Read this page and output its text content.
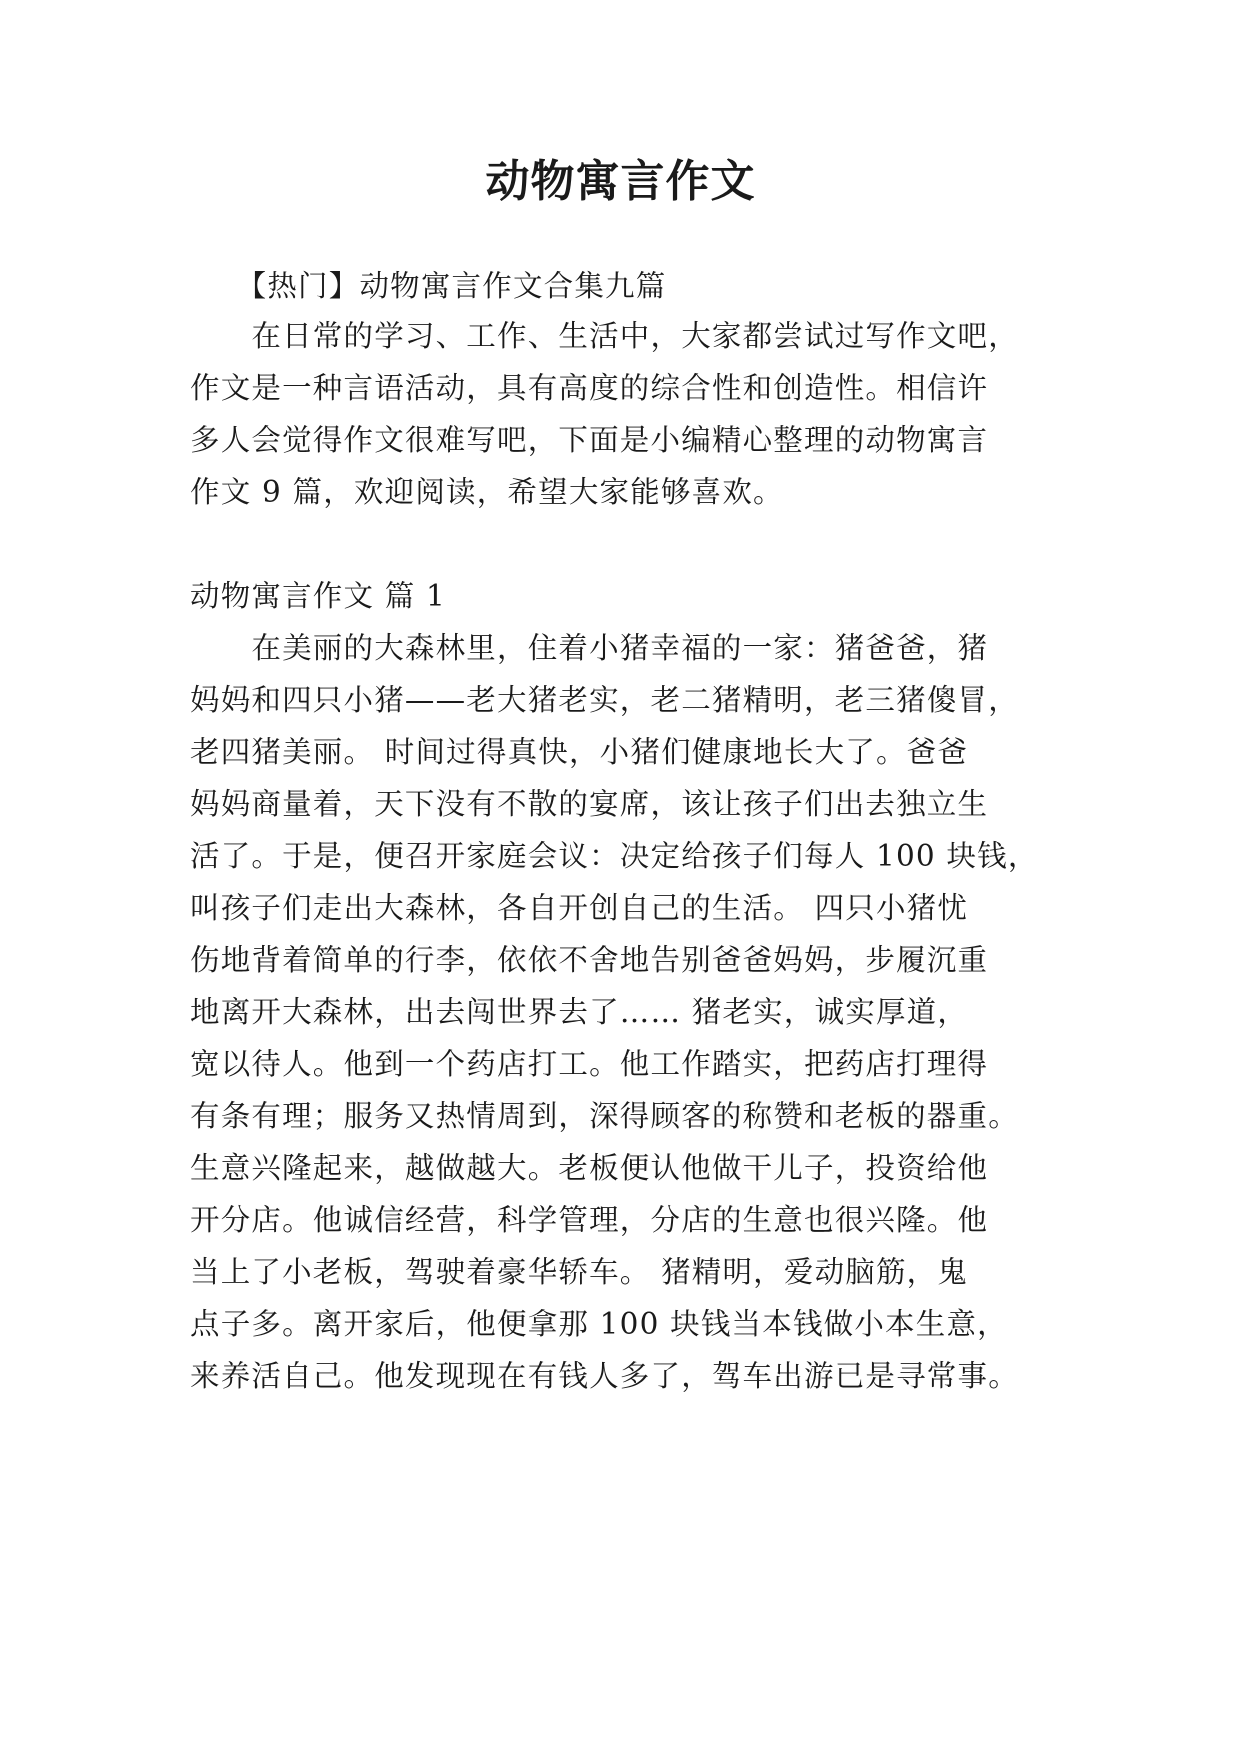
动物寓言作文
　　【热门】动物寓言作文合集九篇
　　在日常的学习、工作、生活中，大家都尝试过写作文吧，
作文是一种言语活动，具有高度的综合性和创造性。相信许
多人会觉得作文很难写吧，下面是小编精心整理的动物寓言
作文 9 篇，欢迎阅读，希望大家能够喜欢。
动物寓言作文 篇 1
　　在美丽的大森林里，住着小猪幸福的一家：猪爸爸，猪
妈妈和四只小猪——老大猪老实，老二猪精明，老三猪傻冒，
老四猪美丽。 时间过得真快，小猪们健康地长大了。爸爸
妈妈商量着，天下没有不散的宴席，该让孩子们出去独立生
活了。于是，便召开家庭会议：决定给孩子们每人 100 块钱，
叫孩子们走出大森林，各自开创自己的生活。 四只小猪忧
伤地背着简单的行李，依依不舍地告别爸爸妈妈，步履沉重
地离开大森林，出去闯世界去了…… 猪老实，诚实厚道，
宽以待人。他到一个药店打工。他工作踏实，把药店打理得
有条有理；服务又热情周到，深得顾客的称赞和老板的器重。
生意兴隆起来，越做越大。老板便认他做干儿子，投资给他
开分店。他诚信经营，科学管理，分店的生意也很兴隆。他
当上了小老板，驾驶着豪华轿车。 猪精明，爱动脑筋，鬼
点子多。离开家后，他便拿那 100 块钱当本钱做小本生意，
来养活自己。他发现现在有钱人多了，驾车出游已是寻常事。
